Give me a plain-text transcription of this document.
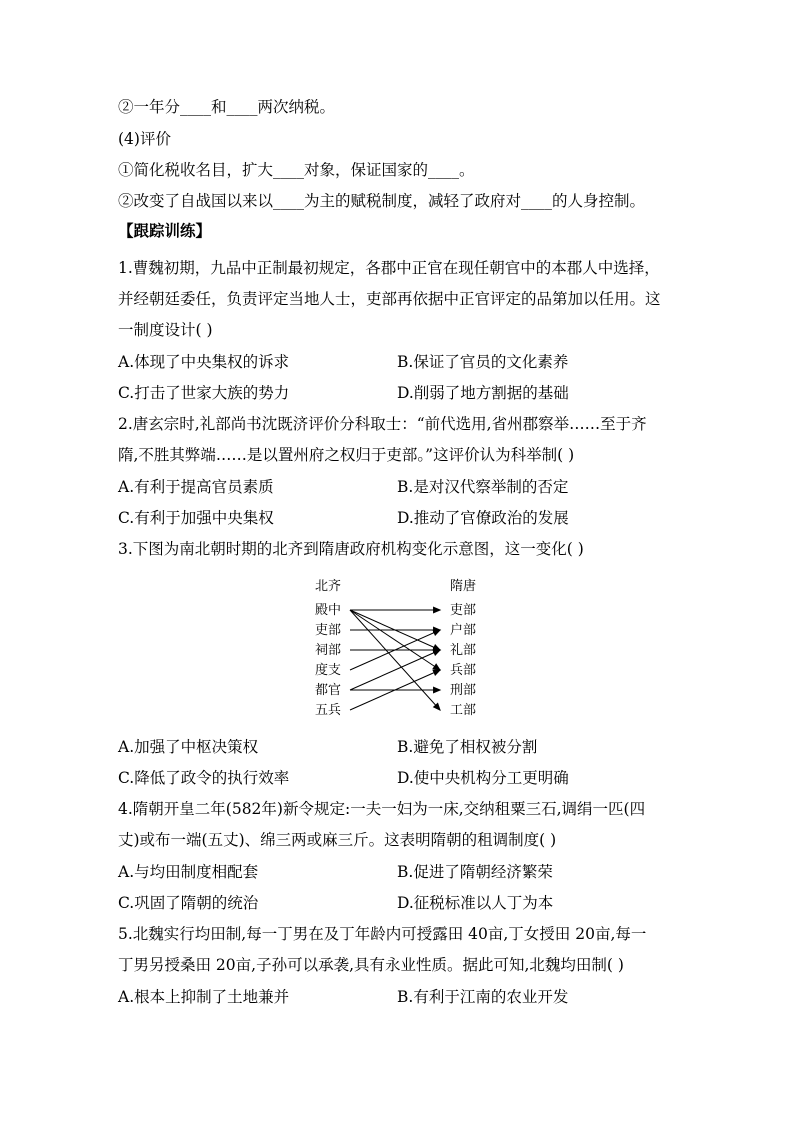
②一年分____和____两次纳税。
(4)评价
①简化税收名目，扩大____对象，保证国家的____。
②改变了自战国以来以____为主的赋税制度，减轻了政府对____的人身控制。
【跟踪训练】
1.曹魏初期，九品中正制最初规定，各郡中正官在现任朝官中的本郡人中选择，
并经朝廷委任，负责评定当地人士，吏部再依据中正官评定的品第加以任用。这
一制度设计( )
A.体现了中央集权的诉求	B.保证了官员的文化素养
C.打击了世家大族的势力	D.削弱了地方割据的基础
2.唐玄宗时,礼部尚书沈既济评价分科取士：“前代选用,省州郡察举……至于齐
隋,不胜其弊端……是以置州府之权归于吏部。”这评价认为科举制( )
A.有利于提高官员素质	B.是对汉代察举制的否定
C.有利于加强中央集权	D.推动了官僚政治的发展
3.下图为南北朝时期的北齐到隋唐政府机构变化示意图，这一变化( )
北齐	隋唐
殿中
吏部
祠部
度支
都官
五兵
吏部
户部
礼部
兵部
刑部
工部
A.加强了中枢决策权	B.避免了相权被分割
C.降低了政令的执行效率	D.使中央机构分工更明确
4.隋朝开皇二年(582年)新令规定:一夫一妇为一床,交纳租粟三石,调绢一匹(四
丈)或布一端(五丈)、绵三两或麻三斤。这表明隋朝的租调制度( )
A.与均田制度相配套	B.促进了隋朝经济繁荣
C.巩固了隋朝的统治	D.征税标准以人丁为本
5.北魏实行均田制,每一丁男在及丁年龄内可授露田 40亩,丁女授田 20亩,每一
丁男另授桑田 20亩,子孙可以承袭,具有永业性质。据此可知,北魏均田制( )
A.根本上抑制了土地兼并	B.有利于江南的农业开发
